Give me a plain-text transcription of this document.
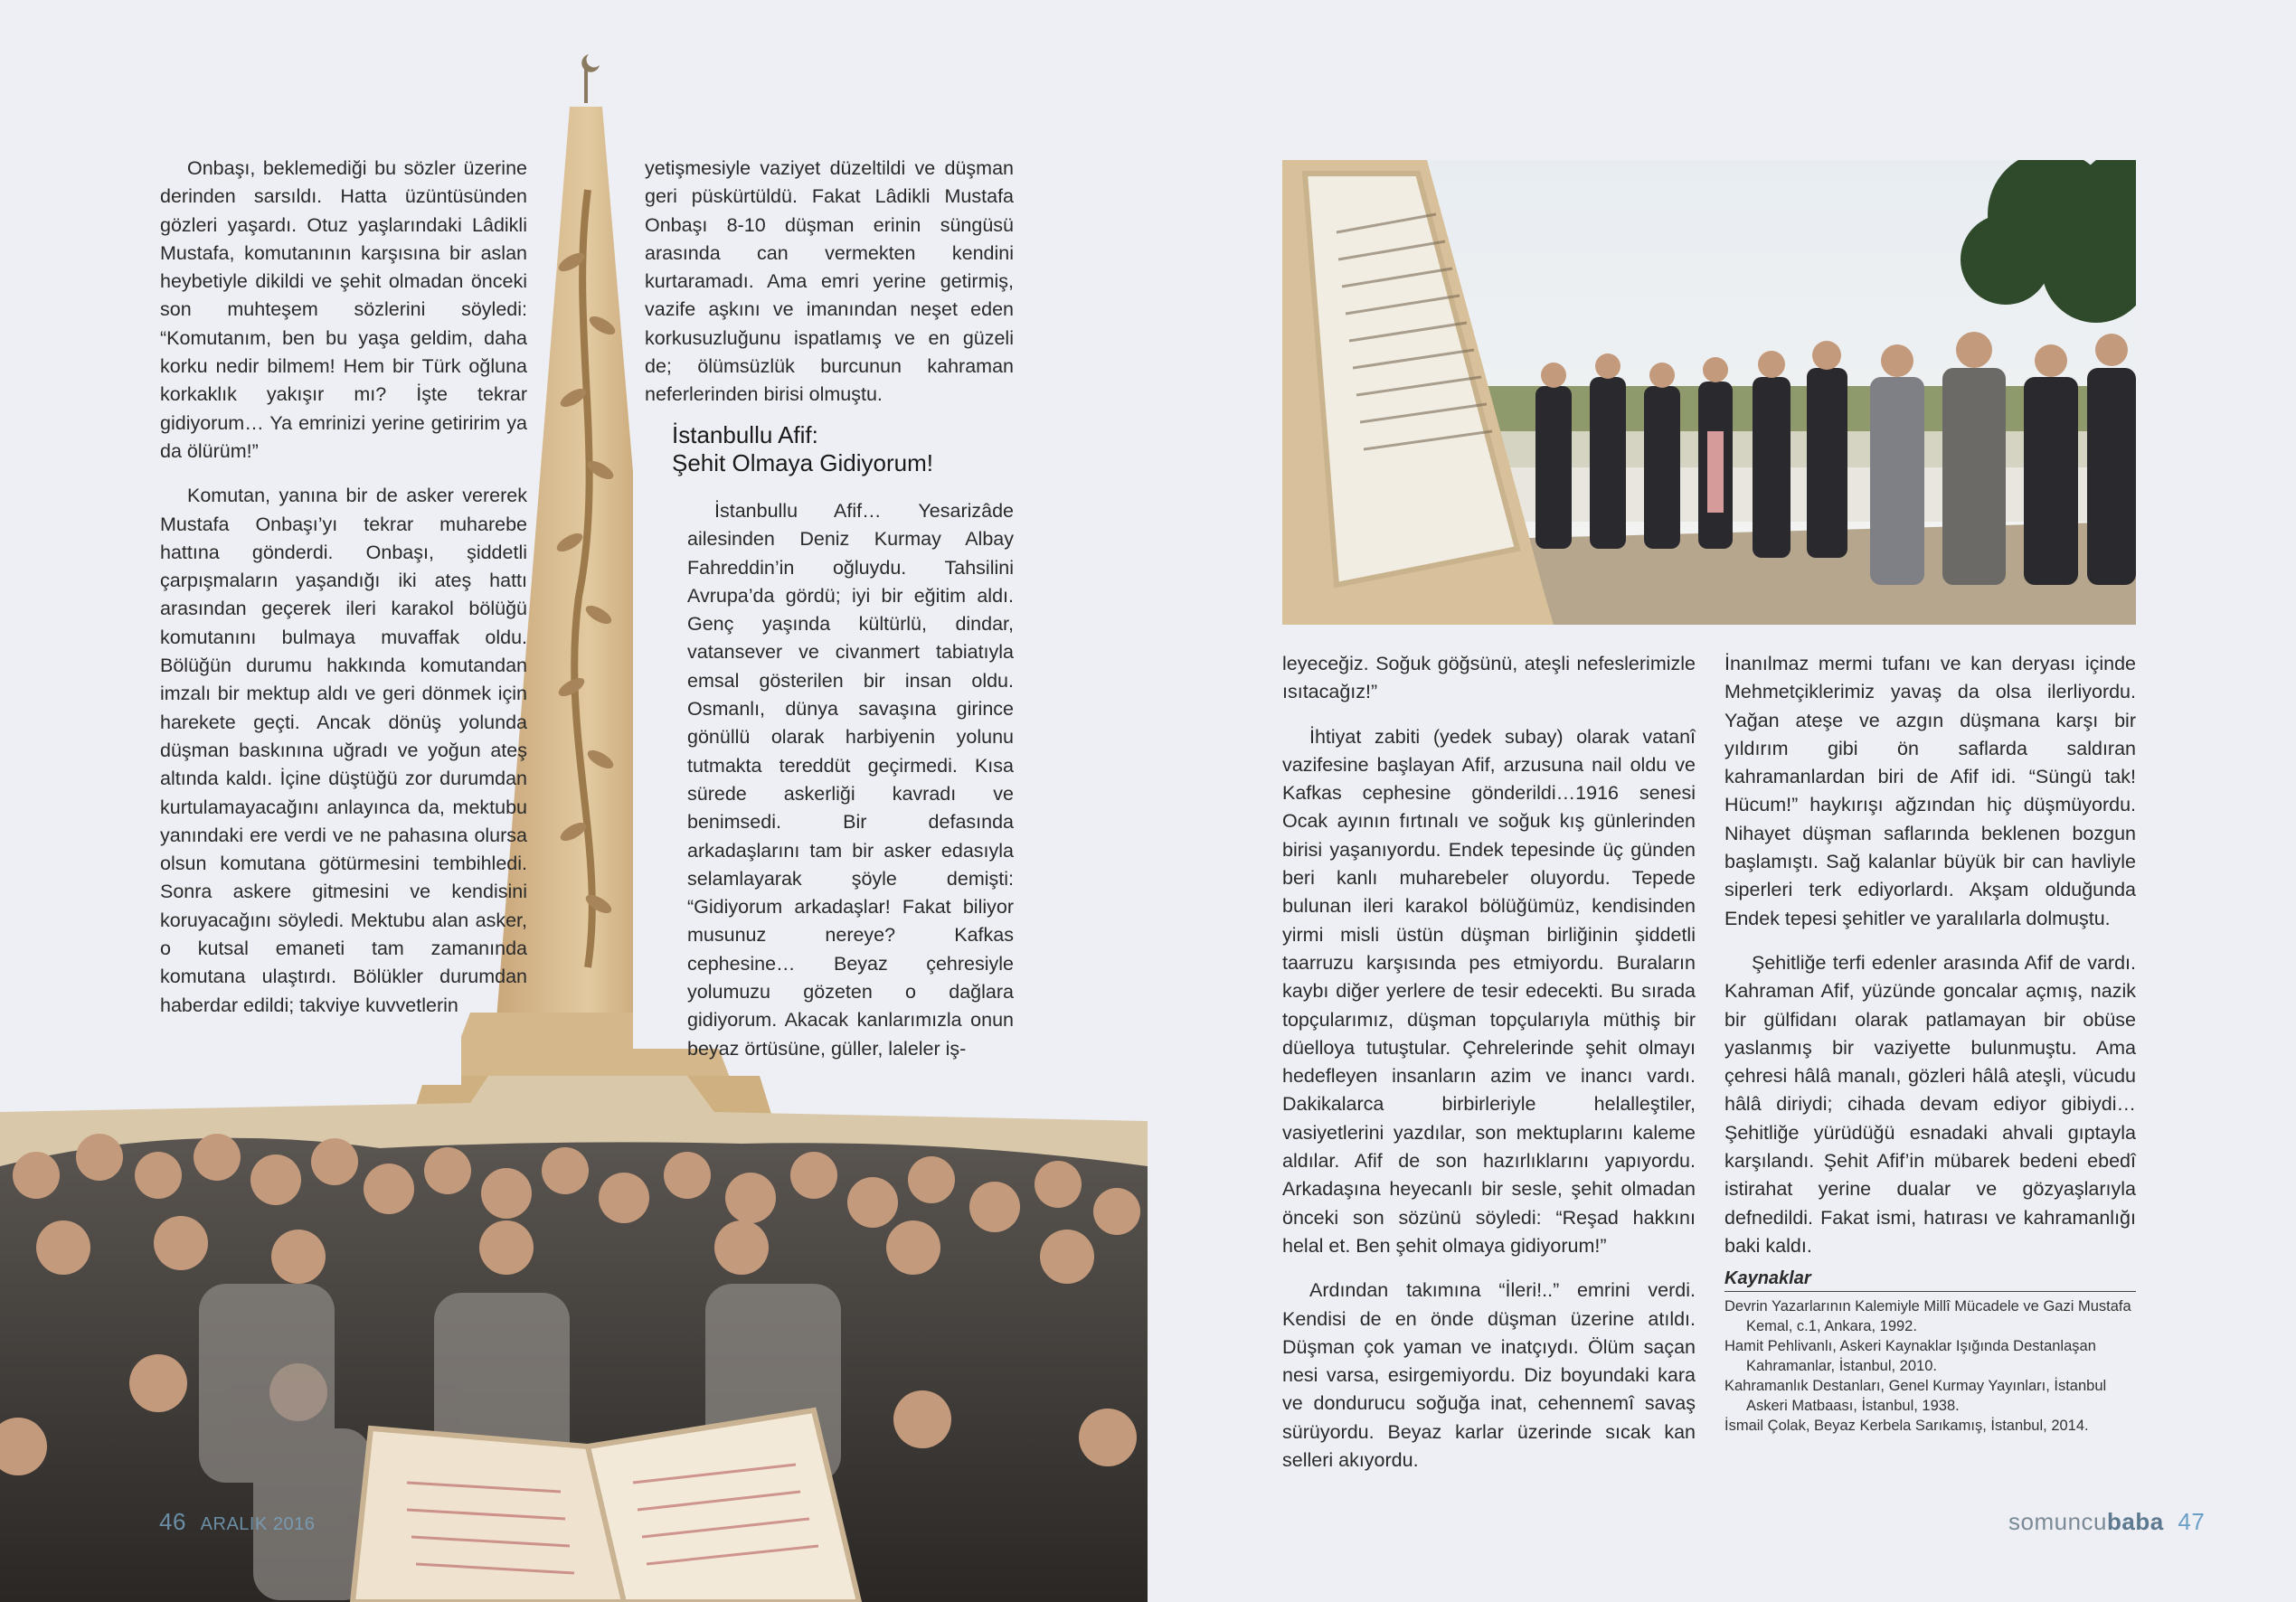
Onbaşı, beklemediği bu sözler üzerine derinden sarsıldı. Hatta üzüntüsünden gözleri yaşardı. Otuz yaşlarındaki Lâdikli Mustafa, komutanının karşısına bir aslan heybetiyle dikildi ve şehit olmadan önceki son muhteşem sözlerini söyledi: “Komutanım, ben bu yaşa geldim, daha korku nedir bilmem! Hem bir Türk oğluna korkaklık yakışır mı? İşte tekrar gidiyorum… Ya emrinizi yerine getiririm ya da ölürüm!”

Komutan, yanına bir de asker vererek Mustafa Onbaşı’yı tekrar muharebe hattına gönderdi. Onbaşı, şiddetli çarpışmaların yaşandığı iki ateş hattı arasından geçerek ileri karakol bölüğü komutanını bulmaya muvaffak oldu. Bölüğün durumu hakkında komutandan imzalı bir mektup aldı ve geri dönmek için harekete geçti. Ancak dönüş yolunda düşman baskınına uğradı ve yoğun ateş altında kaldı. İçine düştüğü zor durumdan kurtulamayacağını anlayınca da, mektubu yanındaki ere verdi ve ne pahasına olursa olsun komutana götürmesini tembihledi. Sonra askere gitmesini ve kendisini koruyacağını söyledi. Mektubu alan asker, o kutsal emaneti tam zamanında komutana ulaştırdı. Bölükler durumdan haberdar edildi; takviye kuvvetlerin

yetişmesiyle vaziyet düzeltildi ve düşman geri püskürtüldü. Fakat Lâdikli Mustafa Onbaşı 8-10 düşman erinin süngüsü arasında can vermekten kendini kurtaramadı. Ama emri yerine getirmiş, vazife aşkını ve imanından neşet eden korkusuzluğunu ispatlamış ve en güzeli de; ölümsüzlük burcunun kahraman neferlerinden birisi olmuştu.

İstanbullu Afif:
Şehit Olmaya Gidiyorum!

İstanbullu Afif… Yesarizâde ailesinden Deniz Kurmay Albay Fahreddin’in oğluydu. Tahsilini Avrupa’da gördü; iyi bir eğitim aldı. Genç yaşında kültürlü, dindar, vatansever ve civanmert tabiatıyla emsal gösterilen bir insan oldu. Osmanlı, dünya savaşına girince gönüllü olarak harbiyenin yolunu tutmakta tereddüt geçirmedi. Kısa sürede askerliği kavradı ve benimsedi. Bir defasında arkadaşlarını tam bir asker edasıyla selamlayarak şöyle demişti: “Gidiyorum arkadaşlar! Fakat biliyor musunuz nereye? Kafkas cephesine… Beyaz çehresiyle yolumuzu gözeten o dağlara gidiyorum. Akacak kanlarımızla onun beyaz örtüsüne, güller, laleler iş-

46 ARALIK 2016

leyeceğiz. Soğuk göğsünü, ateşli nefeslerimizle ısıtacağız!”

İhtiyat zabiti (yedek subay) olarak vatanî vazifesine başlayan Afif, arzusuna nail oldu ve Kafkas cephesine gönderildi…1916 senesi Ocak ayının fırtınalı ve soğuk kış günlerinden birisi yaşanıyordu. Endek tepesinde üç günden beri kanlı muharebeler oluyordu. Tepede bulunan ileri karakol bölüğümüz, kendisinden yirmi misli üstün düşman birliğinin şiddetli taarruzu karşısında pes etmiyordu. Buraların kaybı diğer yerlere de tesir edecekti. Bu sırada topçularımız, düşman topçularıyla müthiş bir düelloya tutuştular. Çehrelerinde şehit olmayı hedefleyen insanların azim ve inancı vardı. Dakikalarca birbirleriyle helalleştiler, vasiyetlerini yazdılar, son mektuplarını kaleme aldılar. Afif de son hazırlıklarını yapıyordu. Arkadaşına heyecanlı bir sesle, şehit olmadan önceki son sözünü söyledi: “Reşad hakkını helal et. Ben şehit olmaya gidiyorum!”

Ardından takımına “İleri!..” emrini verdi. Kendisi de en önde düşman üzerine atıldı. Düşman çok yaman ve inatçıydı. Ölüm saçan nesi varsa, esirgemiyordu. Diz boyundaki kara ve dondurucu soğuğa inat, cehennemî savaş sürüyordu. Beyaz karlar üzerinde sıcak kan selleri akıyordu.

İnanılmaz mermi tufanı ve kan deryası içinde Mehmetçiklerimiz yavaş da olsa ilerliyordu. Yağan ateşe ve azgın düşmana karşı bir yıldırım gibi ön saflarda saldıran kahramanlardan biri de Afif idi. “Süngü tak! Hücum!” haykırışı ağzından hiç düşmüyordu. Nihayet düşman saflarında beklenen bozgun başlamıştı. Sağ kalanlar büyük bir can havliyle siperleri terk ediyorlardı. Akşam olduğunda Endek tepesi şehitler ve yaralılarla dolmuştu.

Şehitliğe terfi edenler arasında Afif de vardı. Kahraman Afif, yüzünde goncalar açmış, nazik bir gülfidanı olarak patlamayan bir obüse yaslanmış bir vaziyette bulunmuştu. Ama çehresi hâlâ manalı, gözleri hâlâ ateşli, vücudu hâlâ diriydi; cihada devam ediyor gibiydi… Şehitliğe yürüdüğü esnadaki ahvali gıptayla karşılandı. Şehit Afif’in mübarek bedeni ebedî istirahat yerine dualar ve gözyaşlarıyla defnedildi. Fakat ismi, hatırası ve kahramanlığı baki kaldı.

Kaynaklar
Devrin Yazarlarının Kalemiyle Millî Mücadele ve Gazi Mustafa Kemal, c.1, Ankara, 1992.
Hamit Pehlivanlı, Askeri Kaynaklar Işığında Destanlaşan Kahramanlar, İstanbul, 2010.
Kahramanlık Destanları, Genel Kurmay Yayınları, İstanbul Askeri Matbaası, İstanbul, 1938.
İsmail Çolak, Beyaz Kerbela Sarıkamış, İstanbul, 2014.
somuncubaba 47
